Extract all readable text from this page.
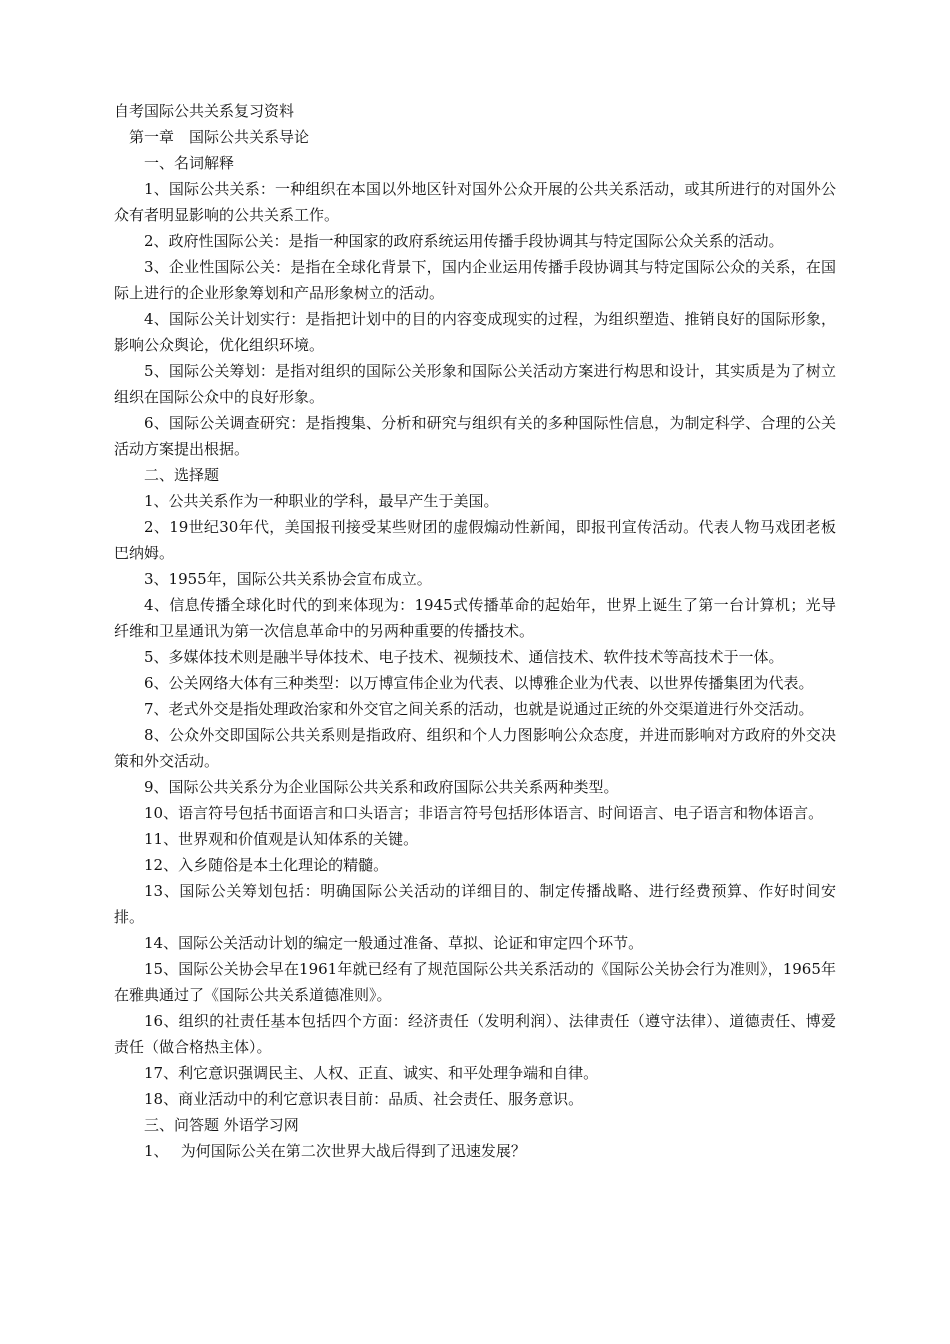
自考国际公共关系复习资料

第一章　国际公共关系导论

一、名词解释

1、国际公共关系：一种组织在本国以外地区针对国外公众开展的公共关系活动，或其所进行的对国外公众有者明显影响的公共关系工作。

2、政府性国际公关：是指一种国家的政府系统运用传播手段协调其与特定国际公众关系的活动。

3、企业性国际公关：是指在全球化背景下，国内企业运用传播手段协调其与特定国际公众的关系，在国际上进行的企业形象筹划和产品形象树立的活动。

4、国际公关计划实行：是指把计划中的目的内容变成现实的过程，为组织塑造、推销良好的国际形象，影响公众舆论，优化组织环境。

5、国际公关筹划：是指对组织的国际公关形象和国际公关活动方案进行构思和设计，其实质是为了树立组织在国际公众中的良好形象。

6、国际公关调查研究：是指搜集、分析和研究与组织有关的多种国际性信息，为制定科学、合理的公关活动方案提出根据。

二、选择题

1、公共关系作为一种职业的学科，最早产生于美国。

2、19世纪30年代，美国报刊接受某些财团的虚假煽动性新闻，即报刊宣传活动。代表人物马戏团老板巴纳姆。

3、1955年，国际公共关系协会宣布成立。

4、信息传播全球化时代的到来体现为：1945式传播革命的起始年，世界上诞生了第一台计算机；光导纤维和卫星通讯为第一次信息革命中的另两种重要的传播技术。

5、多媒体技术则是融半导体技术、电子技术、视频技术、通信技术、软件技术等高技术于一体。

6、公关网络大体有三种类型：以万博宣伟企业为代表、以博雅企业为代表、以世界传播集团为代表。

7、老式外交是指处理政治家和外交官之间关系的活动，也就是说通过正统的外交渠道进行外交活动。

8、公众外交即国际公共关系则是指政府、组织和个人力图影响公众态度，并进而影响对方政府的外交决策和外交活动。

9、国际公共关系分为企业国际公共关系和政府国际公共关系两种类型。

10、语言符号包括书面语言和口头语言；非语言符号包括形体语言、时间语言、电子语言和物体语言。

11、世界观和价值观是认知体系的关键。

12、入乡随俗是本土化理论的精髓。

13、国际公关筹划包括：明确国际公关活动的详细目的、制定传播战略、进行经费预算、作好时间安排。

14、国际公关活动计划的编定一般通过准备、草拟、论证和审定四个环节。

15、国际公关协会早在1961年就已经有了规范国际公共关系活动的《国际公关协会行为准则》，1965年在雅典通过了《国际公共关系道德准则》。

16、组织的社责任基本包括四个方面：经济责任（发明利润）、法律责任（遵守法律）、道德责任、博爱责任（做合格热主体）。

17、利它意识强调民主、人权、正直、诚实、和平处理争端和自律。

18、商业活动中的利它意识表目前：品质、社会责任、服务意识。

三、问答题 外语学习网

1、　 为何国际公关在第二次世界大战后得到了迅速发展？
